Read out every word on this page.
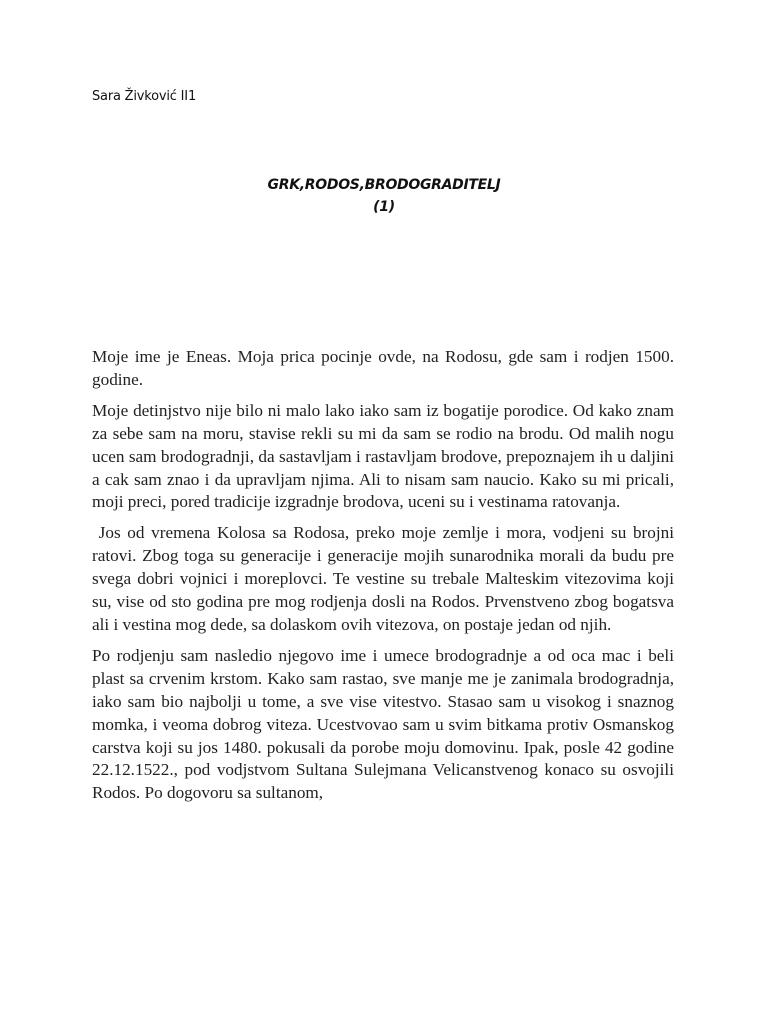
Sara Živković II1
GRK,RODOS,BRODOGRADITELJ
(1)

Moje ime je Eneas. Moja prica pocinje ovde, na Rodosu, gde sam i rodjen 1500. godine.

Moje detinjstvo nije bilo ni malo lako iako sam iz bogatije porodice. Od kako znam za sebe sam na moru, stavise rekli su mi da sam se rodio na brodu. Od malih nogu ucen sam brodogradnji, da sastavljam i rastavljam brodove, prepoznajem ih u daljini a cak sam znao i da upravljam njima. Ali to nisam sam naucio. Kako su mi pricali, moji preci, pored tradicije izgradnje brodova, uceni su i vestinama ratovanja.

Jos od vremena Kolosa sa Rodosa, preko moje zemlje i mora, vodjeni su brojni ratovi. Zbog toga su generacije i generacije mojih sunarodnika morali da budu pre svega dobri vojnici i moreplovci. Te vestine su trebale Malteskim vitezovima koji su, vise od sto godina pre mog rodjenja dosli na Rodos. Prvenstveno zbog bogatsva ali i vestina mog dede, sa dolaskom ovih vitezova, on postaje jedan od njih.

Po rodjenju sam nasledio njegovo ime i umece brodogradnje a od oca mac i beli plast sa crvenim krstom. Kako sam rastao, sve manje me je zanimala brodogradnja, iako sam bio najbolji u tome, a sve vise vitestvo. Stasao sam u visokog i snaznog momka, i veoma dobrog viteza. Ucestvovao sam u svim bitkama protiv Osmanskog carstva koji su jos 1480. pokusali da porobe moju domovinu. Ipak, posle 42 godine 22.12.1522., pod vodjstvom Sultana Sulejmana Velicanstvenog konaco su osvojili Rodos. Po dogovoru sa sultanom,
